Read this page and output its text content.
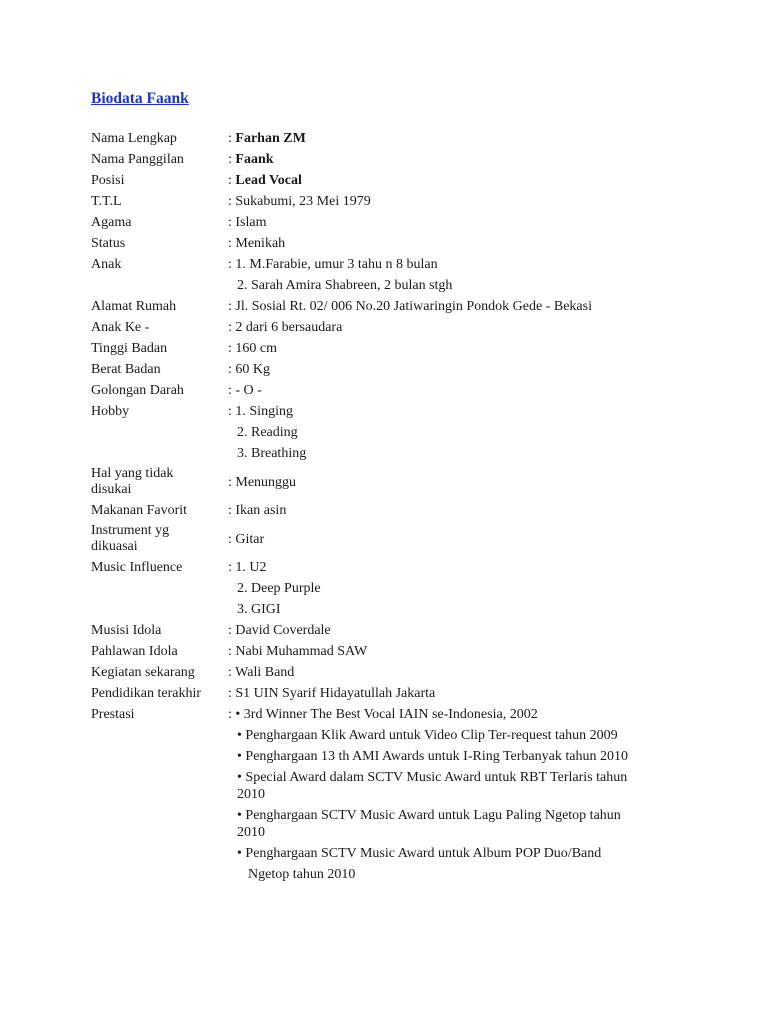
Biodata Faank
Nama Lengkap	: Farhan ZM
Nama Panggilan	: Faank
Posisi	: Lead Vocal
T.T.L	: Sukabumi, 23 Mei 1979
Agama	: Islam
Status	: Menikah
Anak	: 1. M.Farabie, umur 3 tahu n 8 bulan
2. Sarah Amira Shabreen, 2 bulan stgh
Alamat Rumah	: Jl. Sosial Rt. 02/ 006 No.20 Jatiwaringin Pondok Gede - Bekasi
Anak Ke -	: 2 dari 6 bersaudara
Tinggi Badan	: 160 cm
Berat Badan	: 60 Kg
Golongan Darah	: - O -
Hobby	: 1. Singing
2. Reading
3. Breathing
Hal yang tidak
disukai	: Menunggu
Makanan Favorit	: Ikan asin
Instrument yg
dikuasai	: Gitar
Music Influence	: 1. U2
2. Deep Purple
3. GIGI
Musisi Idola	: David Coverdale
Pahlawan Idola	: Nabi Muhammad SAW
Kegiatan sekarang	: Wali Band
Pendidikan terakhir	: S1 UIN Syarif Hidayatullah Jakarta
Prestasi	: • 3rd Winner The Best Vocal IAIN se-Indonesia, 2002
• Penghargaan Klik Award untuk Video Clip Ter-request tahun 2009
• Penghargaan 13 th AMI Awards untuk I-Ring Terbanyak tahun 2010
• Special Award dalam SCTV Music Award untuk RBT Terlaris tahun
2010
• Penghargaan SCTV Music Award untuk Lagu Paling Ngetop tahun
2010
• Penghargaan SCTV Music Award untuk Album POP Duo/Band
Ngetop tahun 2010
